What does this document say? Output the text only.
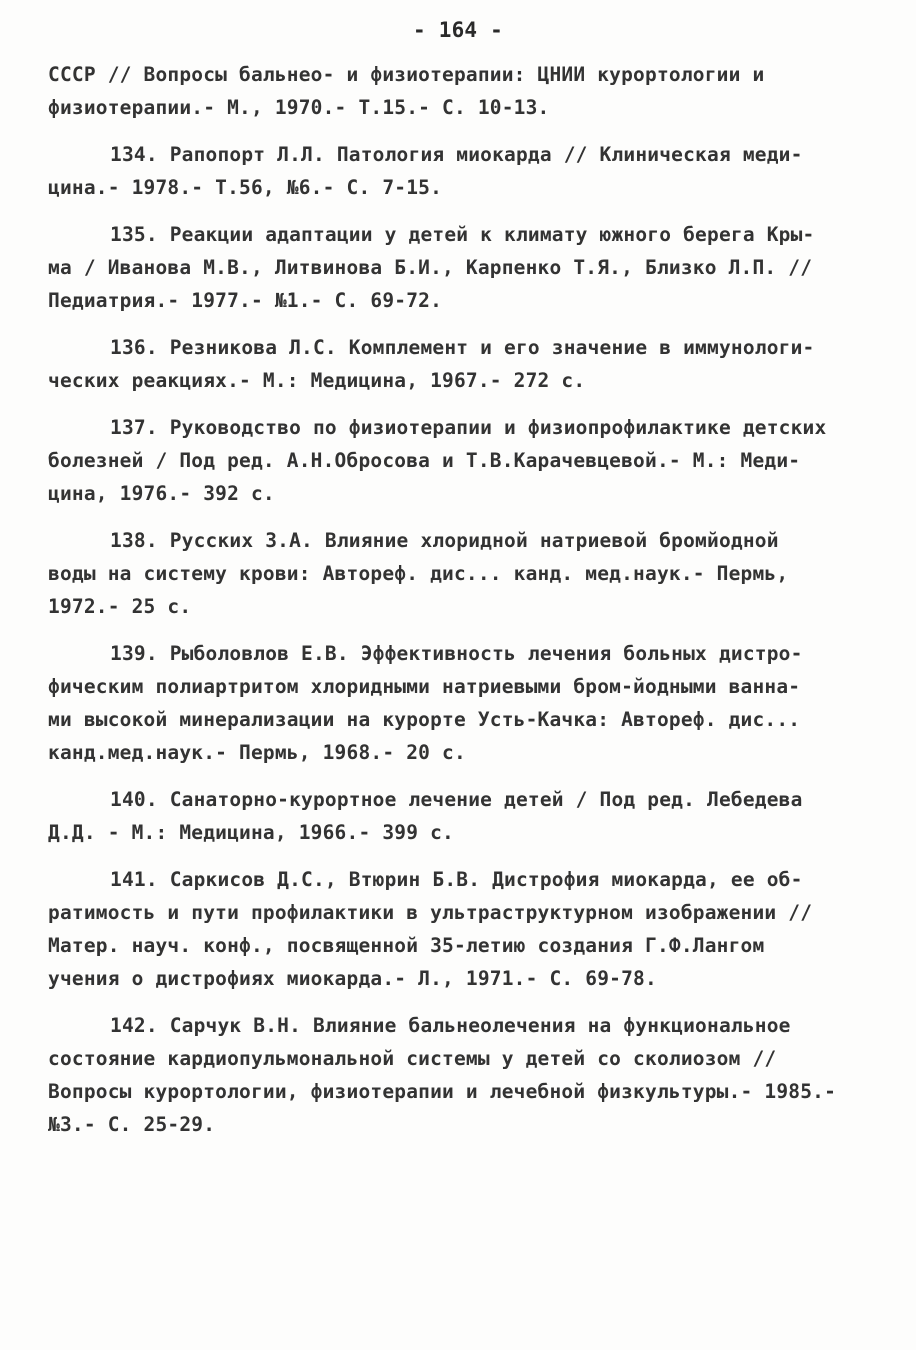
- 164 -
СССР // Вопросы бальнео- и физиотерапии: ЦНИИ курортологии и
физиотерапии.- М., 1970.- Т.15.- С. 10-13.
134. Рапопорт Л.Л. Патология миокарда // Клиническая меди-
цина.- 1978.- Т.56, №6.- С. 7-15.
135. Реакции адаптации у детей к климату южного берега Кры-
ма / Иванова М.В., Литвинова Б.И., Карпенко Т.Я., Близко Л.П. //
Педиатрия.- 1977.- №1.- С. 69-72.
136. Резникова Л.С. Комплемент и его значение в иммунологи-
ческих реакциях.- М.: Медицина, 1967.- 272 с.
137. Руководство по физиотерапии и физиопрофилактике детских
болезней / Под ред. А.Н.Обросова и Т.В.Карачевцевой.- М.: Меди-
цина, 1976.- 392 с.
138. Русских З.А. Влияние хлоридной натриевой бромйодной
воды на систему крови: Автореф. дис... канд. мед.наук.- Пермь,
1972.- 25 с.
139. Рыболовлов Е.В. Эффективность лечения больных дистро-
фическим полиартритом хлоридными натриевыми бром-йодными ванна-
ми высокой минерализации на курорте Усть-Качка: Автореф. дис...
канд.мед.наук.- Пермь, 1968.- 20 с.
140. Санаторно-курортное лечение детей / Под ред. Лебедева
Д.Д. - М.: Медицина, 1966.- 399 с.
141. Саркисов Д.С., Втюрин Б.В. Дистрофия миокарда, ее об-
ратимость и пути профилактики в ультраструктурном изображении //
Матер. науч. конф., посвященной 35-летию создания Г.Ф.Лангом
учения о дистрофиях миокарда.- Л., 1971.- С. 69-78.
142. Сарчук В.Н. Влияние бальнеолечения на функциональное
состояние кардиопульмональной системы у детей со сколиозом //
Вопросы курортологии, физиотерапии и лечебной физкультуры.- 1985.-
№3.- С. 25-29.
